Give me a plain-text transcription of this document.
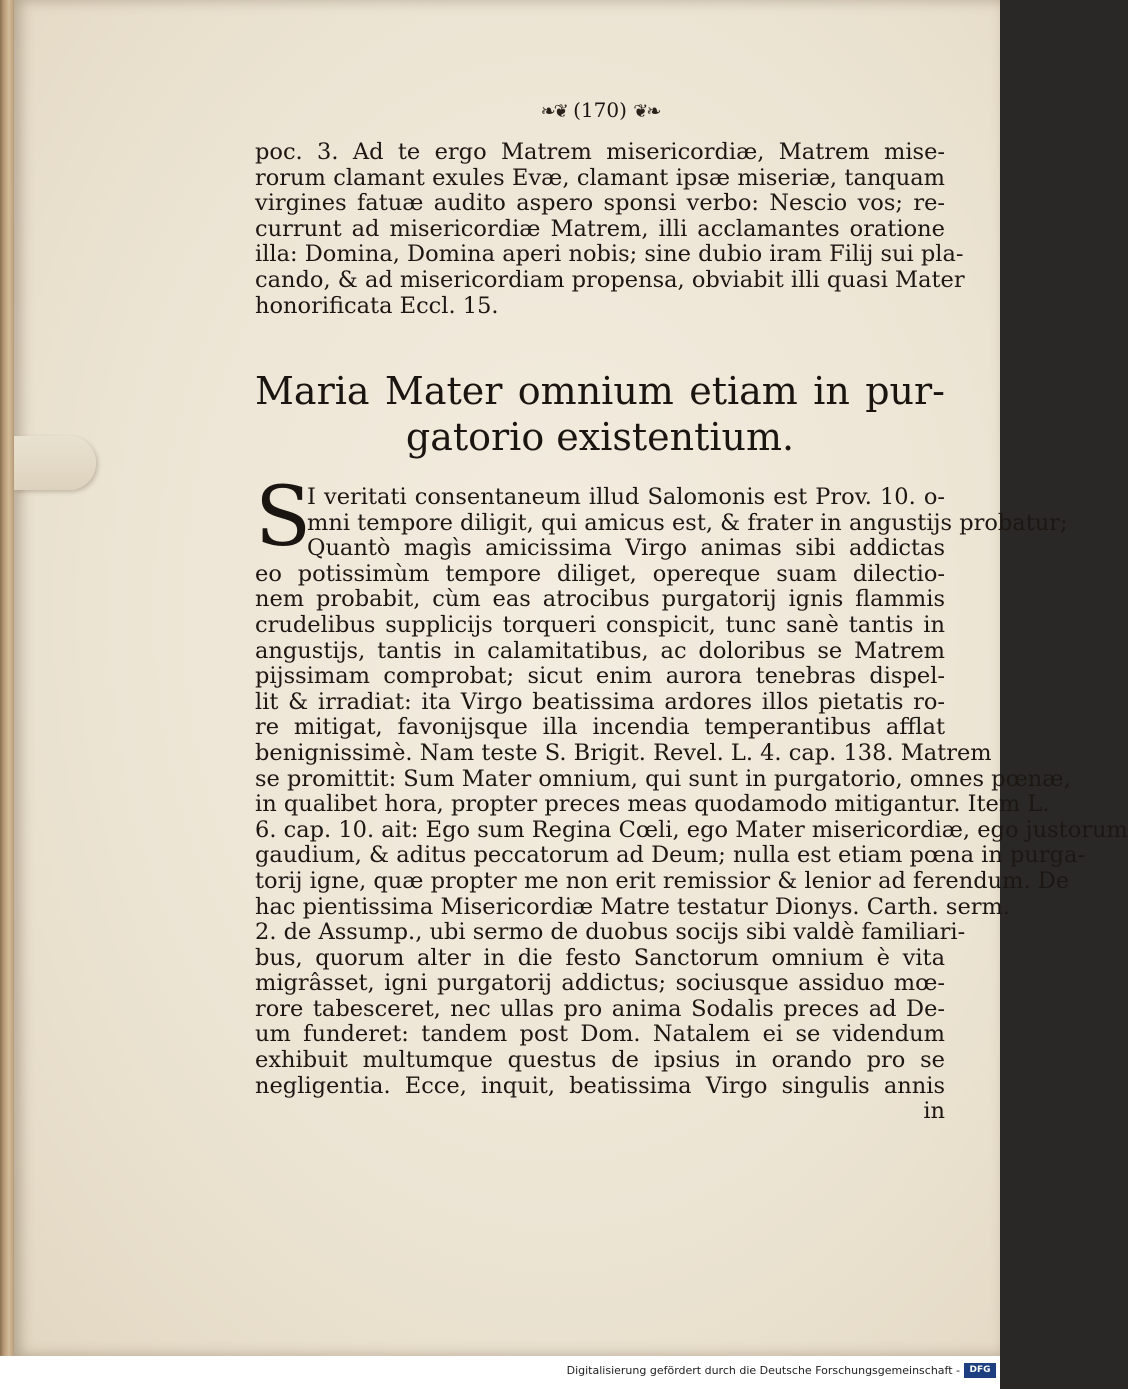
❧❦ (170) ❦❧
poc. 3. Ad te ergo Matrem misericordiæ, Matrem mise-
rorum clamant exules Evæ, clamant ipsæ miseriæ, tanquam
virgines fatuæ audito aspero sponsi verbo: Nescio vos; re-
currunt ad misericordiæ Matrem, illi acclamantes oratione
illa: Domina, Domina aperi nobis; sine dubio iram Filij sui pla-
cando, & ad misericordiam propensa, obviabit illi quasi Mater
honorificata Eccl. 15.
Maria Mater omnium etiam in pur-
gatorio existentium.
S
I veritati consentaneum illud Salomonis est Prov. 10. o-
mni tempore diligit, qui amicus est, & frater in angustijs probatur;
Quantò magìs amicissima Virgo animas sibi addictas
eo potissimùm tempore diliget, opereque suam dilectio-
nem probabit, cùm eas atrocibus purgatorij ignis flammis
crudelibus supplicijs torqueri conspicit, tunc sanè tantis in
angustijs, tantis in calamitatibus, ac doloribus se Matrem
pijssimam comprobat; sicut enim aurora tenebras dispel-
lit & irradiat: ita Virgo beatissima ardores illos pietatis ro-
re mitigat, favonijsque illa incendia temperantibus afflat
benignissimè. Nam teste S. Brigit. Revel. L. 4. cap. 138. Matrem
se promittit: Sum Mater omnium, qui sunt in purgatorio, omnes pœnæ,
in qualibet hora, propter preces meas quodamodo mitigantur. Item L.
6. cap. 10. ait: Ego sum Regina Cœli, ego Mater misericordiæ, ego justorum
gaudium, & aditus peccatorum ad Deum; nulla est etiam pœna in purga-
torij igne, quæ propter me non erit remissior & lenior ad ferendum. De
hac pientissima Misericordiæ Matre testatur Dionys. Carth. serm.
2. de Assump., ubi sermo de duobus socijs sibi valdè familiari-
bus, quorum alter in die festo Sanctorum omnium è vita
migrâsset, igni purgatorij addictus; sociusque assiduo mœ-
rore tabesceret, nec ullas pro anima Sodalis preces ad De-
um funderet: tandem post Dom. Natalem ei se videndum
exhibuit multumque questus de ipsius in orando pro se
negligentia. Ecce, inquit, beatissima Virgo singulis annis
in
Digitalisierung gefördert durch die Deutsche Forschungsgemeinschaft -	DFG
